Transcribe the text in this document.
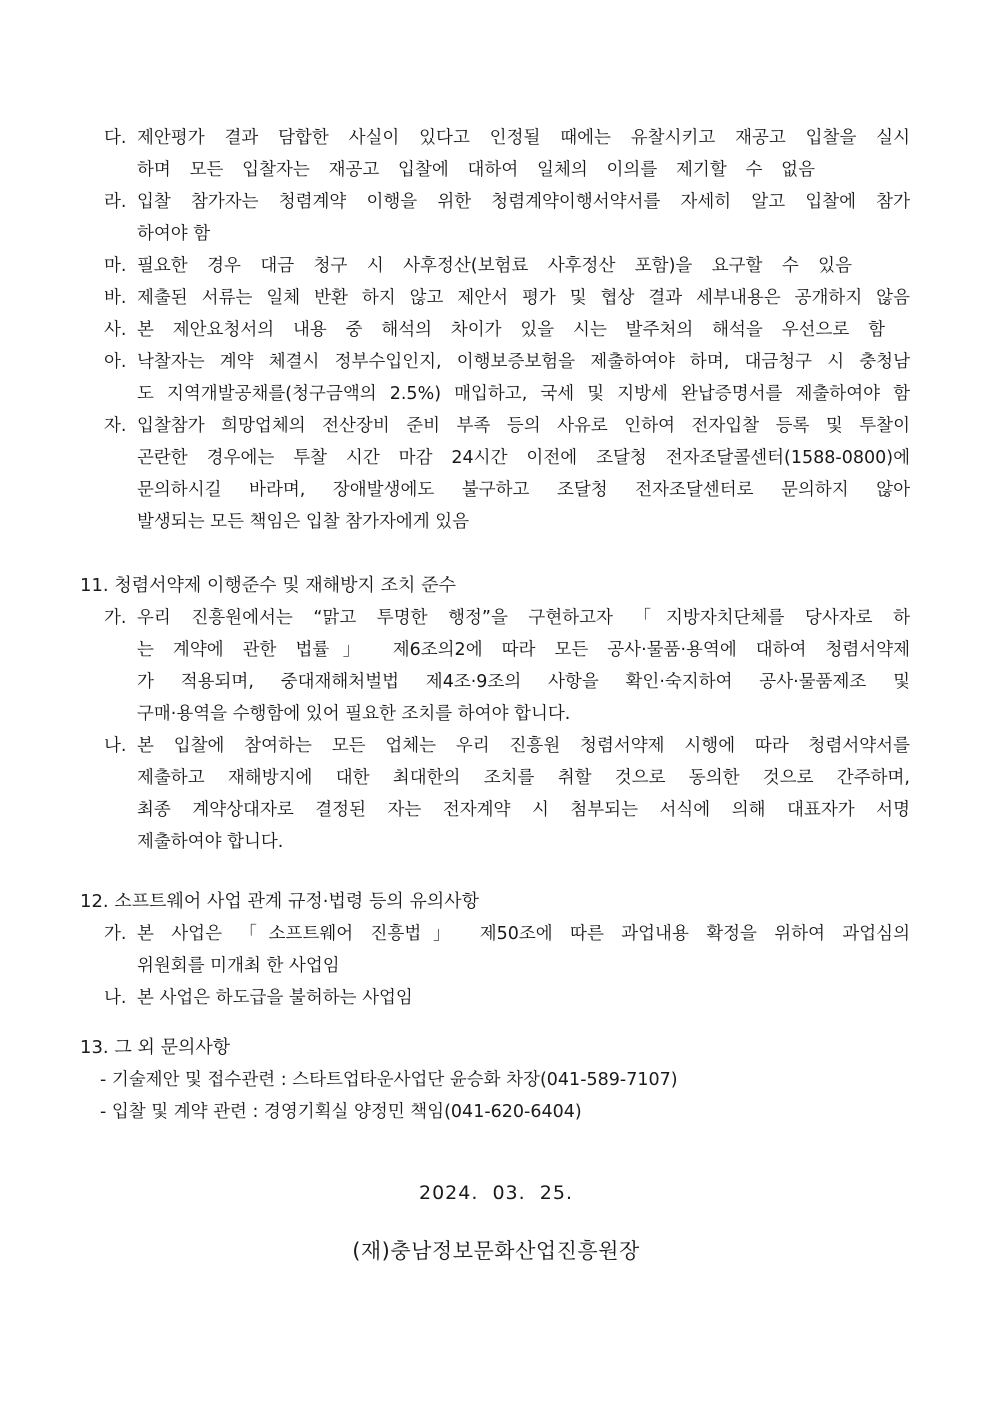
다. 제안평가 결과 담합한 사실이 있다고 인정될 때에는 유찰시키고 재공고 입찰을 실시
하며 모든 입찰자는 재공고 입찰에 대하여 일체의 이의를 제기할 수 없음
라. 입찰 참가자는 청렴계약 이행을 위한 청렴계약이행서약서를 자세히 알고 입찰에 참가
하여야 함
마. 필요한 경우 대금 청구 시 사후정산(보험료 사후정산 포함)을 요구할 수 있음
바. 제출된 서류는 일체 반환 하지 않고 제안서 평가 및 협상 결과 세부내용은 공개하지 않음
사. 본 제안요청서의 내용 중 해석의 차이가 있을 시는 발주처의 해석을 우선으로 함
아. 낙찰자는 계약 체결시 정부수입인지, 이행보증보험을 제출하여야 하며, 대금청구 시 충청남
도 지역개발공채를(청구금액의 2.5%) 매입하고, 국세 및 지방세 완납증명서를 제출하여야 함
자. 입찰참가 희망업체의 전산장비 준비 부족 등의 사유로 인하여 전자입찰 등록 및 투찰이
곤란한 경우에는 투찰 시간 마감 24시간 이전에 조달청 전자조달콜센터(1588-0800)에
문의하시길 바라며, 장애발생에도 불구하고 조달청 전자조달센터로 문의하지 않아
발생되는 모든 책임은 입찰 참가자에게 있음
11. 청렴서약제 이행준수 및 재해방지 조치 준수
가. 우리 진흥원에서는 “맑고 투명한 행정”을 구현하고자 「지방자치단체를 당사자로 하
는 계약에 관한 법률」 제6조의2에 따라 모든 공사·물품·용역에 대하여 청렴서약제
가 적용되며, 중대재해처벌법 제4조·9조의 사항을 확인·숙지하여 공사·물품제조 및
구매·용역을 수행함에 있어 필요한 조치를 하여야 합니다.
나. 본 입찰에 참여하는 모든 업체는 우리 진흥원 청렴서약제 시행에 따라 청렴서약서를
제출하고 재해방지에 대한 최대한의 조치를 취할 것으로 동의한 것으로 간주하며,
최종 계약상대자로 결정된 자는 전자계약 시 첨부되는 서식에 의해 대표자가 서명
제출하여야 합니다.
12. 소프트웨어 사업 관계 규정·법령 등의 유의사항
가. 본 사업은 「소프트웨어 진흥법」 제50조에 따른 과업내용 확정을 위하여 과업심의
위원회를 미개최 한 사업임
나. 본 사업은 하도급을 불허하는 사업임
13. 그 외 문의사항
- 기술제안 및 접수관련 : 스타트업타운사업단 윤승화 차장(041-589-7107)
- 입찰 및 계약 관련 : 경영기획실 양정민 책임(041-620-6404)
2024.  03.  25.
(재)충남정보문화산업진흥원장
